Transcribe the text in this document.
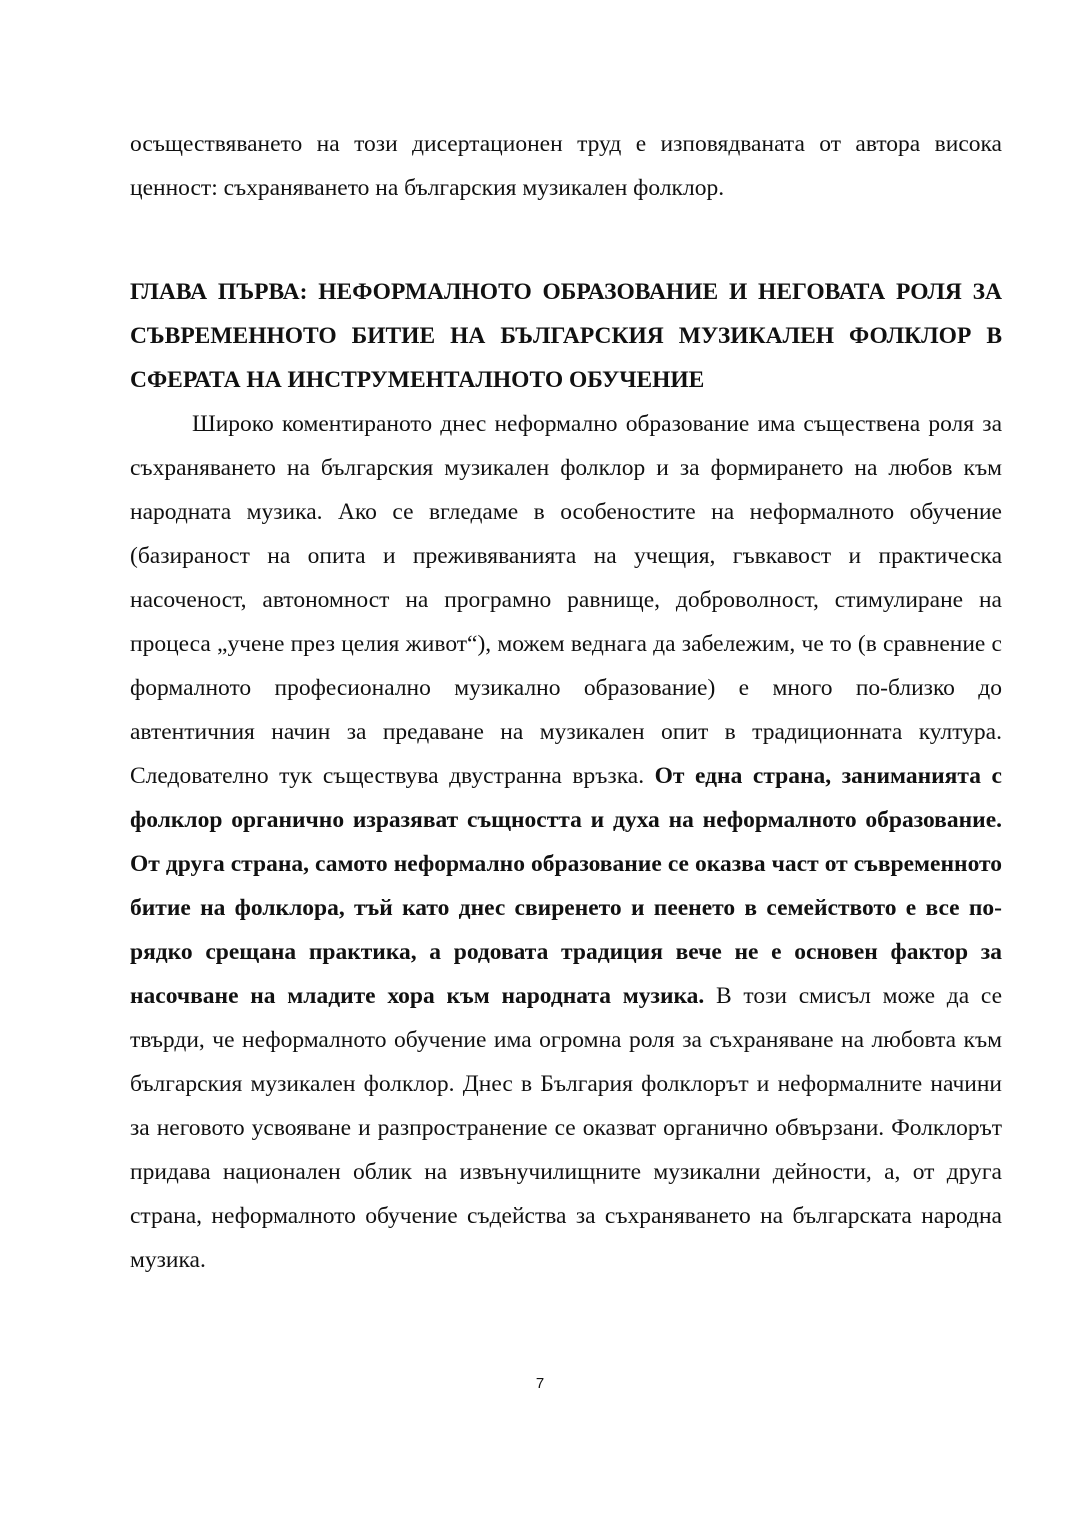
осъществяването на този дисертационен труд е изповядваната от автора висока ценност: съхраняването на българския музикален фолклор.

ГЛАВА ПЪРВА: НЕФОРМАЛНОТО ОБРАЗОВАНИЕ И НЕГОВАТА РОЛЯ ЗА СЪВРЕМЕННОТО БИТИЕ НА БЪЛГАРСКИЯ МУЗИКАЛЕН ФОЛКЛОР В СФЕРАТА НА ИНСТРУМЕНТАЛНОТО ОБУЧЕНИЕ

Широко коментираното днес неформално образование има съществена роля за съхраняването на българския музикален фолклор и за формирането на любов към народната музика. Ако се вгледаме в особеностите на неформалното обучение (базираност на опита и преживяванията на учещия, гъвкавост и практическа насоченост, автономност на програмно равнище, доброволност, стимулиране на процеса „учене през целия живот“), можем веднага да забележим, че то (в сравнение с формалното професионално музикално образование) е много по-близко до автентичния начин за предаване на музикален опит в традиционната култура. Следователно тук съществува двустранна връзка. От една страна, заниманията с фолклор органично изразяват същността и духа на неформалното образование. От друга страна, самото неформално образование се оказва част от съвременното битие на фолклора, тъй като днес свиренето и пеенето в семейството е все по-рядко срещана практика, а родовата традиция вече не е основен фактор за насочване на младите хора към народната музика. В този смисъл може да се твърди, че неформалното обучение има огромна роля за съхраняване на любовта към българския музикален фолклор. Днес в България фолклорът и неформалните начини за неговото усвояване и разпространение се оказват органично обвързани. Фолклорът придава национален облик на извънучилищните музикални дейности, а, от друга страна, неформалното обучение съдейства за съхраняването на българската народна музика.

7
